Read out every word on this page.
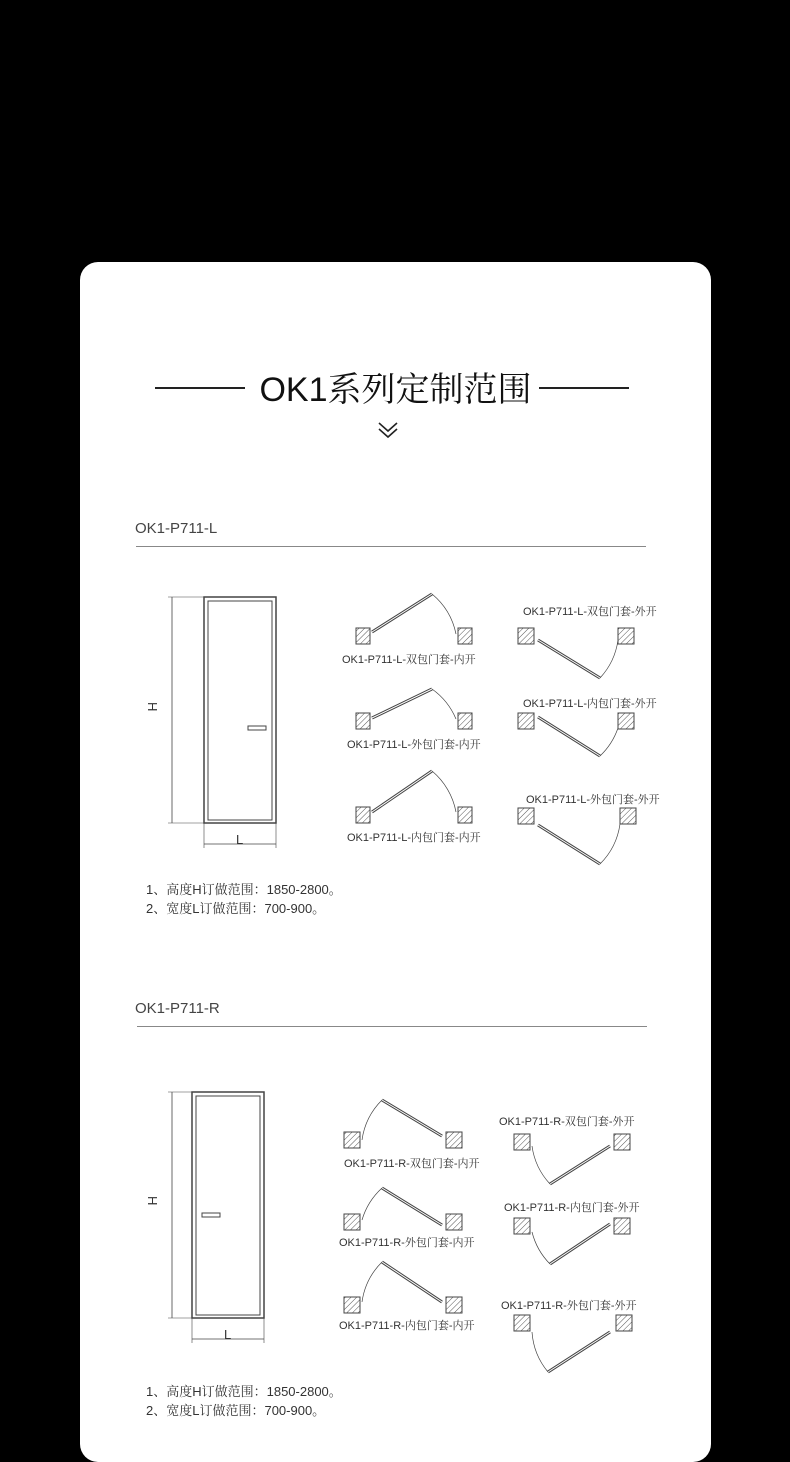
OK1系列定制范围
OK1-P711-L
H
L
OK1-P711-L-双包门套-内开
OK1-P711-L-双包门套-外开
OK1-P711-L-外包门套-内开
OK1-P711-L-内包门套-外开
OK1-P711-L-内包门套-内开
OK1-P711-L-外包门套-外开
1、高度H订做范围：1850-2800。
2、宽度L订做范围：700-900。
OK1-P711-R
H
L
OK1-P711-R-双包门套-内开
OK1-P711-R-双包门套-外开
OK1-P711-R-外包门套-内开
OK1-P711-R-内包门套-外开
OK1-P711-R-内包门套-内开
OK1-P711-R-外包门套-外开
1、高度H订做范围：1850-2800。
2、宽度L订做范围：700-900。
